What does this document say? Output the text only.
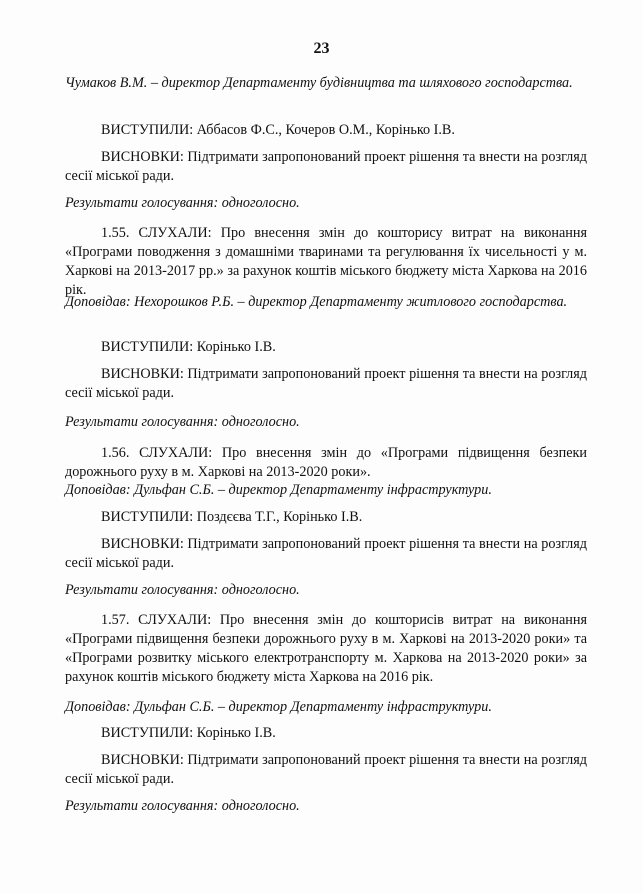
23
Чумаков В.М. – директор Департаменту будівництва та шляхового господарства.
ВИСТУПИЛИ: Аббасов Ф.С., Кочеров О.М., Корінько І.В.
ВИСНОВКИ: Підтримати запропонований проект рішення та внести на розгляд сесії міської ради.
Результати голосування: одноголосно.
1.55. СЛУХАЛИ: Про внесення змін до кошторису витрат на виконання «Програми поводження з домашніми тваринами та регулювання їх чисельності у м. Харкові на 2013-2017 рр.» за рахунок коштів міського бюджету міста Харкова на 2016 рік.
Доповідав: Нехорошков Р.Б. – директор Департаменту житлового господарства.
ВИСТУПИЛИ: Корінько І.В.
ВИСНОВКИ: Підтримати запропонований проект рішення та внести на розгляд сесії міської ради.
Результати голосування: одноголосно.
1.56. СЛУХАЛИ: Про внесення змін до «Програми підвищення безпеки дорожнього руху в м. Харкові на 2013-2020 роки».
Доповідав: Дульфан С.Б. – директор Департаменту інфраструктури.
ВИСТУПИЛИ: Поздєєва Т.Г., Корінько І.В.
ВИСНОВКИ: Підтримати запропонований проект рішення та внести на розгляд сесії міської ради.
Результати голосування: одноголосно.
1.57. СЛУХАЛИ: Про внесення змін до кошторисів витрат на виконання «Програми підвищення безпеки дорожнього руху в м. Харкові на 2013-2020 роки» та «Програми розвитку міського електротранспорту м. Харкова на 2013-2020 роки» за рахунок коштів міського бюджету міста Харкова на 2016 рік.
Доповідав: Дульфан С.Б. – директор Департаменту інфраструктури.
ВИСТУПИЛИ: Корінько І.В.
ВИСНОВКИ: Підтримати запропонований проект рішення та внести на розгляд сесії міської ради.
Результати голосування: одноголосно.
